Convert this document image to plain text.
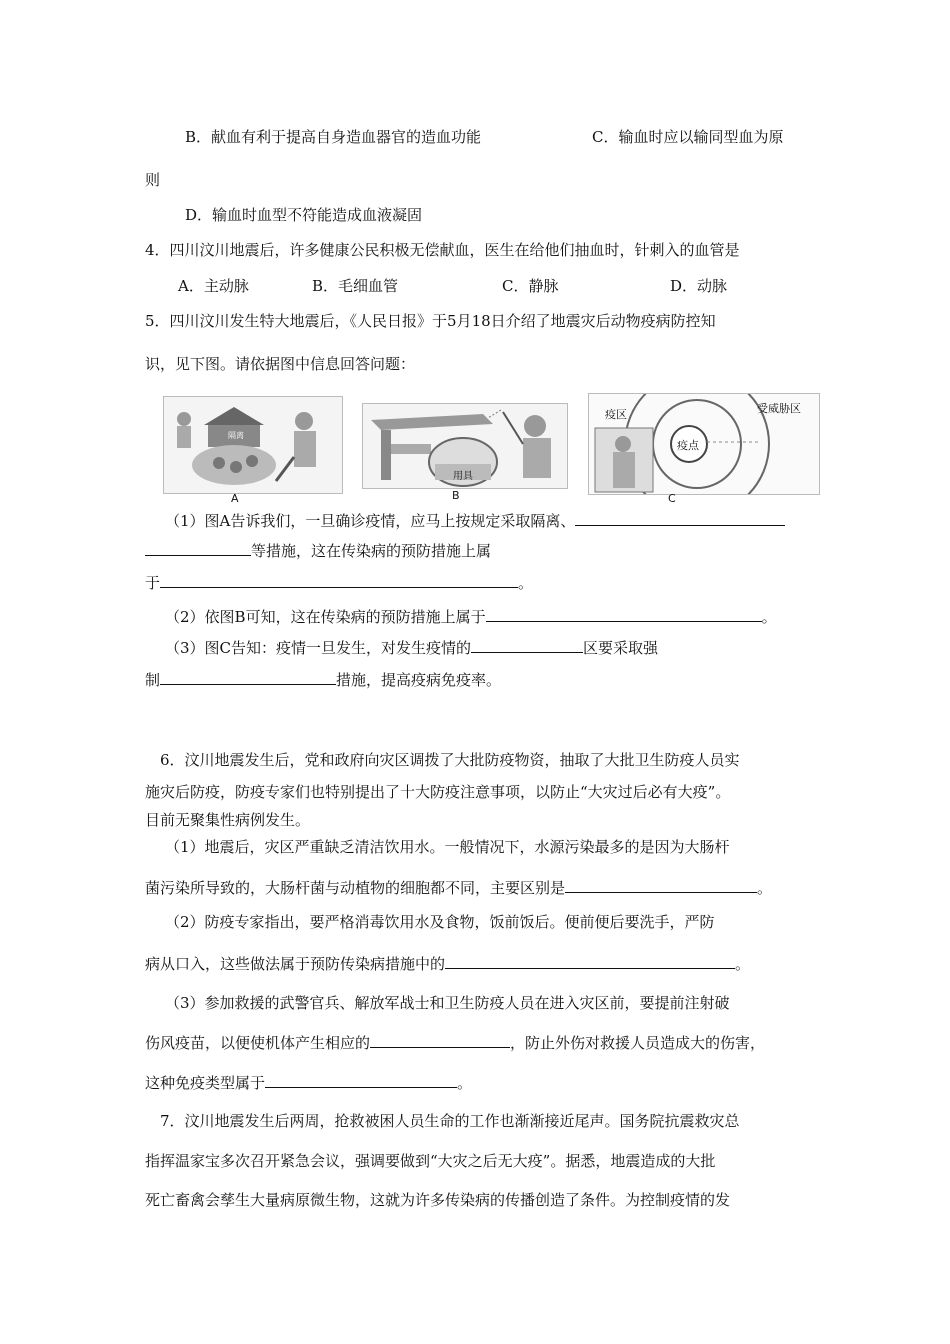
B．献血有利于提高自身造血器官的造血功能	C．输血时应以输同型血为原
则
D．输血时血型不符能造成血液凝固
4．四川汶川地震后，许多健康公民积极无偿献血，医生在给他们抽血时，针刺入的血管是
A．主动脉	B．毛细血管	C．静脉	D．动脉
5．四川汶川发生特大地震后，《人民日报》于5月18日介绍了地震灾后动物疫病防控知
识，见下图。请依据图中信息回答问题：
隔离
A
用具
B
疫区	受威胁区
疫点
C
（1）图A告诉我们，一旦确诊疫情，应马上按规定采取隔离、
等措施，这在传染病的预防措施上属
于	。
（2）依图B可知，这在传染病的预防措施上属于	。
（3）图C告知：疫情一旦发生，对发生疫情的	区要采取强
制	措施，提高疫病免疫率。
6．汶川地震发生后，党和政府向灾区调拨了大批防疫物资，抽取了大批卫生防疫人员实
施灾后防疫，防疫专家们也特别提出了十大防疫注意事项，以防止“大灾过后必有大疫”。
目前无聚集性病例发生。
（1）地震后，灾区严重缺乏清洁饮用水。一般情况下，水源污染最多的是因为大肠杆
菌污染所导致的，大肠杆菌与动植物的细胞都不同，主要区别是	。
（2）防疫专家指出，要严格消毒饮用水及食物，饭前饭后。便前便后要洗手，严防
病从口入，这些做法属于预防传染病措施中的	。
（3）参加救援的武警官兵、解放军战士和卫生防疫人员在进入灾区前，要提前注射破
伤风疫苗，以便使机体产生相应的	，防止外伤对救援人员造成大的伤害，
这种免疫类型属于	。
7．汶川地震发生后两周，抢救被困人员生命的工作也渐渐接近尾声。国务院抗震救灾总
指挥温家宝多次召开紧急会议，强调要做到“大灾之后无大疫”。据悉，地震造成的大批
死亡畜禽会孳生大量病原微生物，这就为许多传染病的传播创造了条件。为控制疫情的发
